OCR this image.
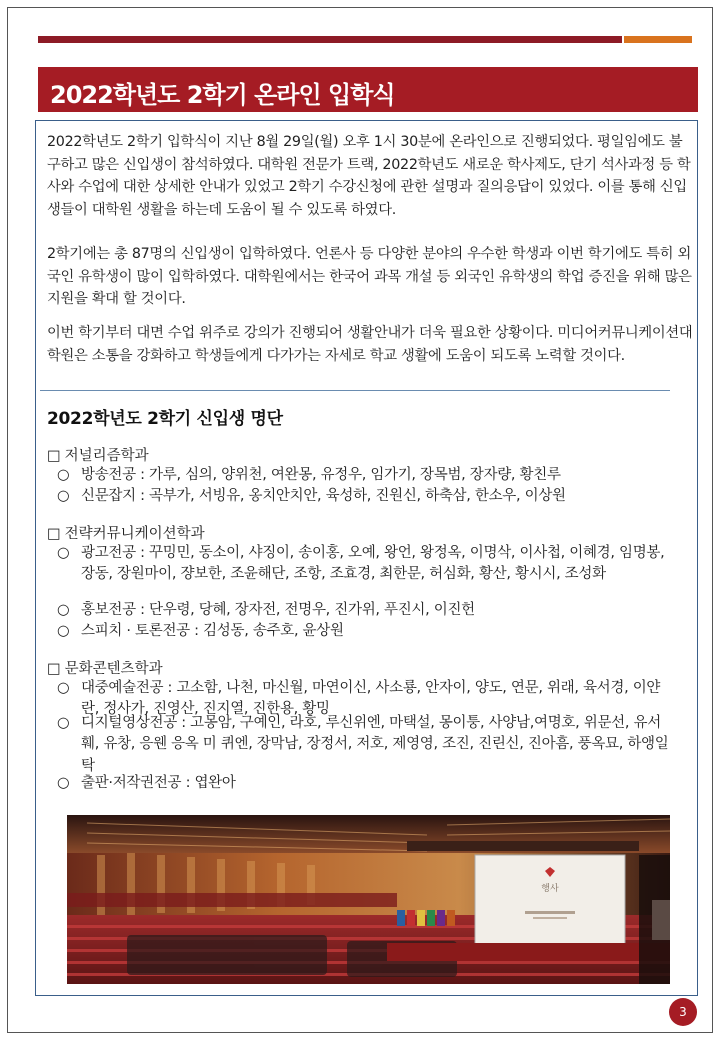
2022학년도 2학기 온라인 입학식

2022학년도 2학기 입학식이 지난 8월 29일(월) 오후 1시 30분에 온라인으로 진행되었다. 평일임에도 불구하고 많은 신입생이 참석하였다. 대학원 전문가 트랙, 2022학년도 새로운 학사제도, 단기 석사과정 등 학사와 수업에 대한 상세한 안내가 있었고 2학기 수강신청에 관한 설명과 질의응답이 있었다. 이를 통해 신입생들이 대학원 생활을 하는데 도움이 될 수 있도록 하였다.

2학기에는 총 87명의 신입생이 입학하였다. 언론사 등 다양한 분야의 우수한 학생과 이번 학기에도 특히 외국인 유학생이 많이 입학하였다. 대학원에서는 한국어 과목 개설 등 외국인 유학생의 학업 증진을 위해 많은 지원을 확대 할 것이다.

이번 학기부터 대면 수업 위주로 강의가 진행되어 생활안내가 더욱 필요한 상황이다. 미디어커뮤니케이션대학원은 소통을 강화하고 학생들에게 다가가는 자세로 학교 생활에 도움이 되도록 노력할 것이다.

2022학년도 2학기 신입생 명단
□ 저널리즘학과
○ 방송전공 : 가루, 심의, 양위천, 여완몽, 유정우, 임가기, 장목범, 장자량, 황친루
○ 신문잡지 : 곡부가, 서빙유, 옹치안치안, 육성하, 진원신, 하축삼, 한소우, 이상원
□ 전략커뮤니케이션학과
○ 광고전공 : 꾸밍민, 동소이, 샤징이, 송이홍, 오예, 왕언, 왕정옥, 이명삭, 이사첩, 이혜경, 임명봉, 장동, 장원마이, 쟝보한, 조윤해단, 조항, 조효경, 최한문, 허심화, 황산, 황시시, 조성화
○ 홍보전공 : 단우령, 당혜, 장자전, 전명우, 진가위, 푸진시, 이진헌
○ 스피치 · 토론전공 : 김성동, 송주호, 윤상원
□ 문화콘텐츠학과
○ 대중예술전공 : 고소함, 나천, 마신월, 마연이신, 사소룡, 안자이, 양도, 연문, 위래, 육서경, 이얀란, 정사가, 진영산, 진지열, 진한용, 황밍
○ 디지털영상전공 : 고몽암, 구예인, 라호, 루신위엔, 마택설, 몽이퉁, 사양남,여명호, 위문선, 유서훼, 유창, 응웬 응옥 미 퀴엔, 장막남, 장정서, 저호, 제영영, 조진, 진린신, 진아흠, 풍옥묘, 하앵일탁
○ 출판·저작권전공 : 엽완아
행사
3
